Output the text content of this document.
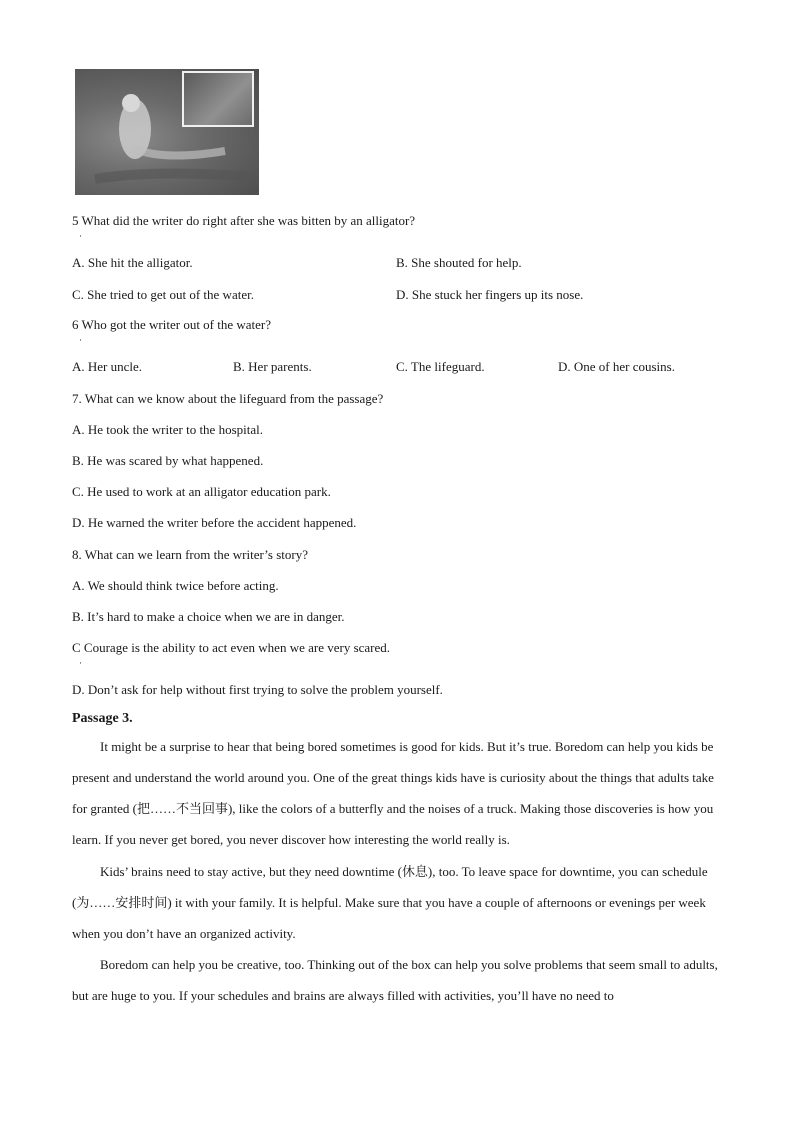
5 What did the writer do right after she was bitten by an alligator?
·
A. She hit the alligator.	B. She shouted for help.
C. She tried to get out of the water.	D. She stuck her fingers up its nose.
6 Who got the writer out of the water?
·
A. Her uncle.	B. Her parents.	C. The lifeguard.	D. One of her cousins.
7. What can we know about the lifeguard from the passage?
A. He took the writer to the hospital.
B. He was scared by what happened.
C. He used to work at an alligator education park.
D. He warned the writer before the accident happened.
8. What can we learn from the writer’s story?
A. We should think twice before acting.
B. It’s hard to make a choice when we are in danger.
C Courage is the ability to act even when we are very scared.
·
D. Don’t ask for help without first trying to solve the problem yourself.
Passage 3.
It might be a surprise to hear that being bored sometimes is good for kids. But it’s true. Boredom can help you kids be present and understand the world around you. One of the great things kids have is curiosity about the things that adults take for granted (把……不当回事), like the colors of a butterfly and the noises of a truck. Making those discoveries is how you learn. If you never get bored, you never discover how interesting the world really is.
Kids’ brains need to stay active, but they need downtime (休息), too. To leave space for downtime, you can schedule (为……安排时间) it with your family. It is helpful. Make sure that you have a couple of afternoons or evenings per week when you don’t have an organized activity.
Boredom can help you be creative, too. Thinking out of the box can help you solve problems that seem small to adults, but are huge to you. If your schedules and brains are always filled with activities, you’ll have no need to
